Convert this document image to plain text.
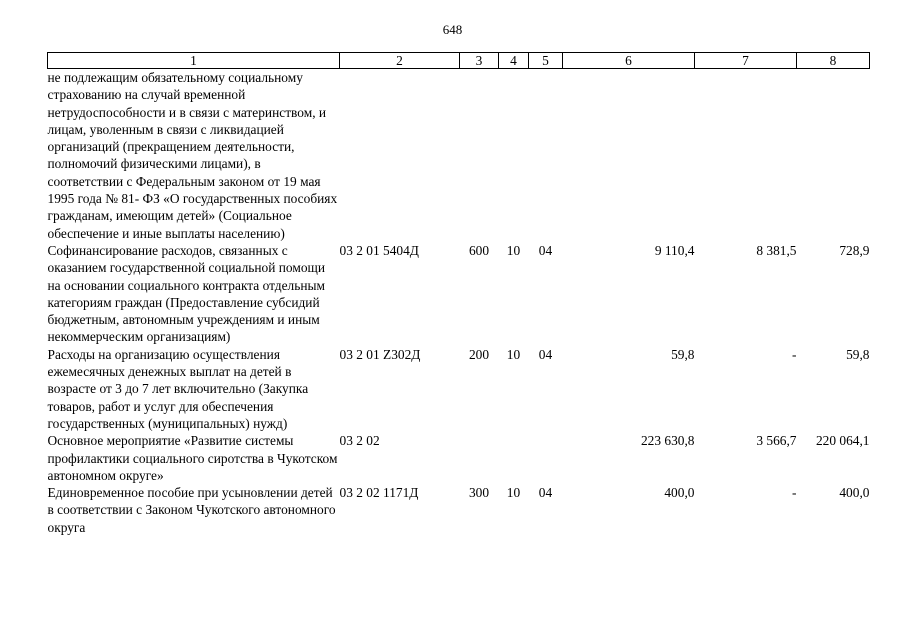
648
1	2	3	4	5	6	7	8
не подлежащим обязательному социальному страхованию на случай временной нетрудоспособности и в связи с материнством, и лицам, уволенным в связи с ликвидацией организаций (прекращением деятельности, полномочий физическими лицами), в соответствии с Федеральным законом от 19 мая 1995 года № 81- ФЗ «О государственных пособиях гражданам, имеющим детей» (Социальное обеспечение и иные выплаты населению)							
Софинансирование расходов, связанных с оказанием государственной социальной помощи на основании социального контракта отдельным категориям граждан (Предоставление субсидий бюджетным, автономным учреждениям и иным некоммерческим организациям)	03 2 01 5404Д	600	10	04	9 110,4	8 381,5	728,9
Расходы на организацию осуществления ежемесячных денежных выплат на детей в возрасте от 3 до 7 лет включительно (Закупка товаров, работ и услуг для обеспечения государственных (муниципальных) нужд)	03 2 01 Z302Д	200	10	04	59,8	-	59,8
Основное мероприятие «Развитие системы профилактики социального сиротства в Чукотском автономном округе»	03 2 02				223 630,8	3 566,7	220 064,1
Единовременное пособие при усыновлении детей в соответствии с Законом Чукотского автономного округа	03 2 02 1171Д	300	10	04	400,0	-	400,0
